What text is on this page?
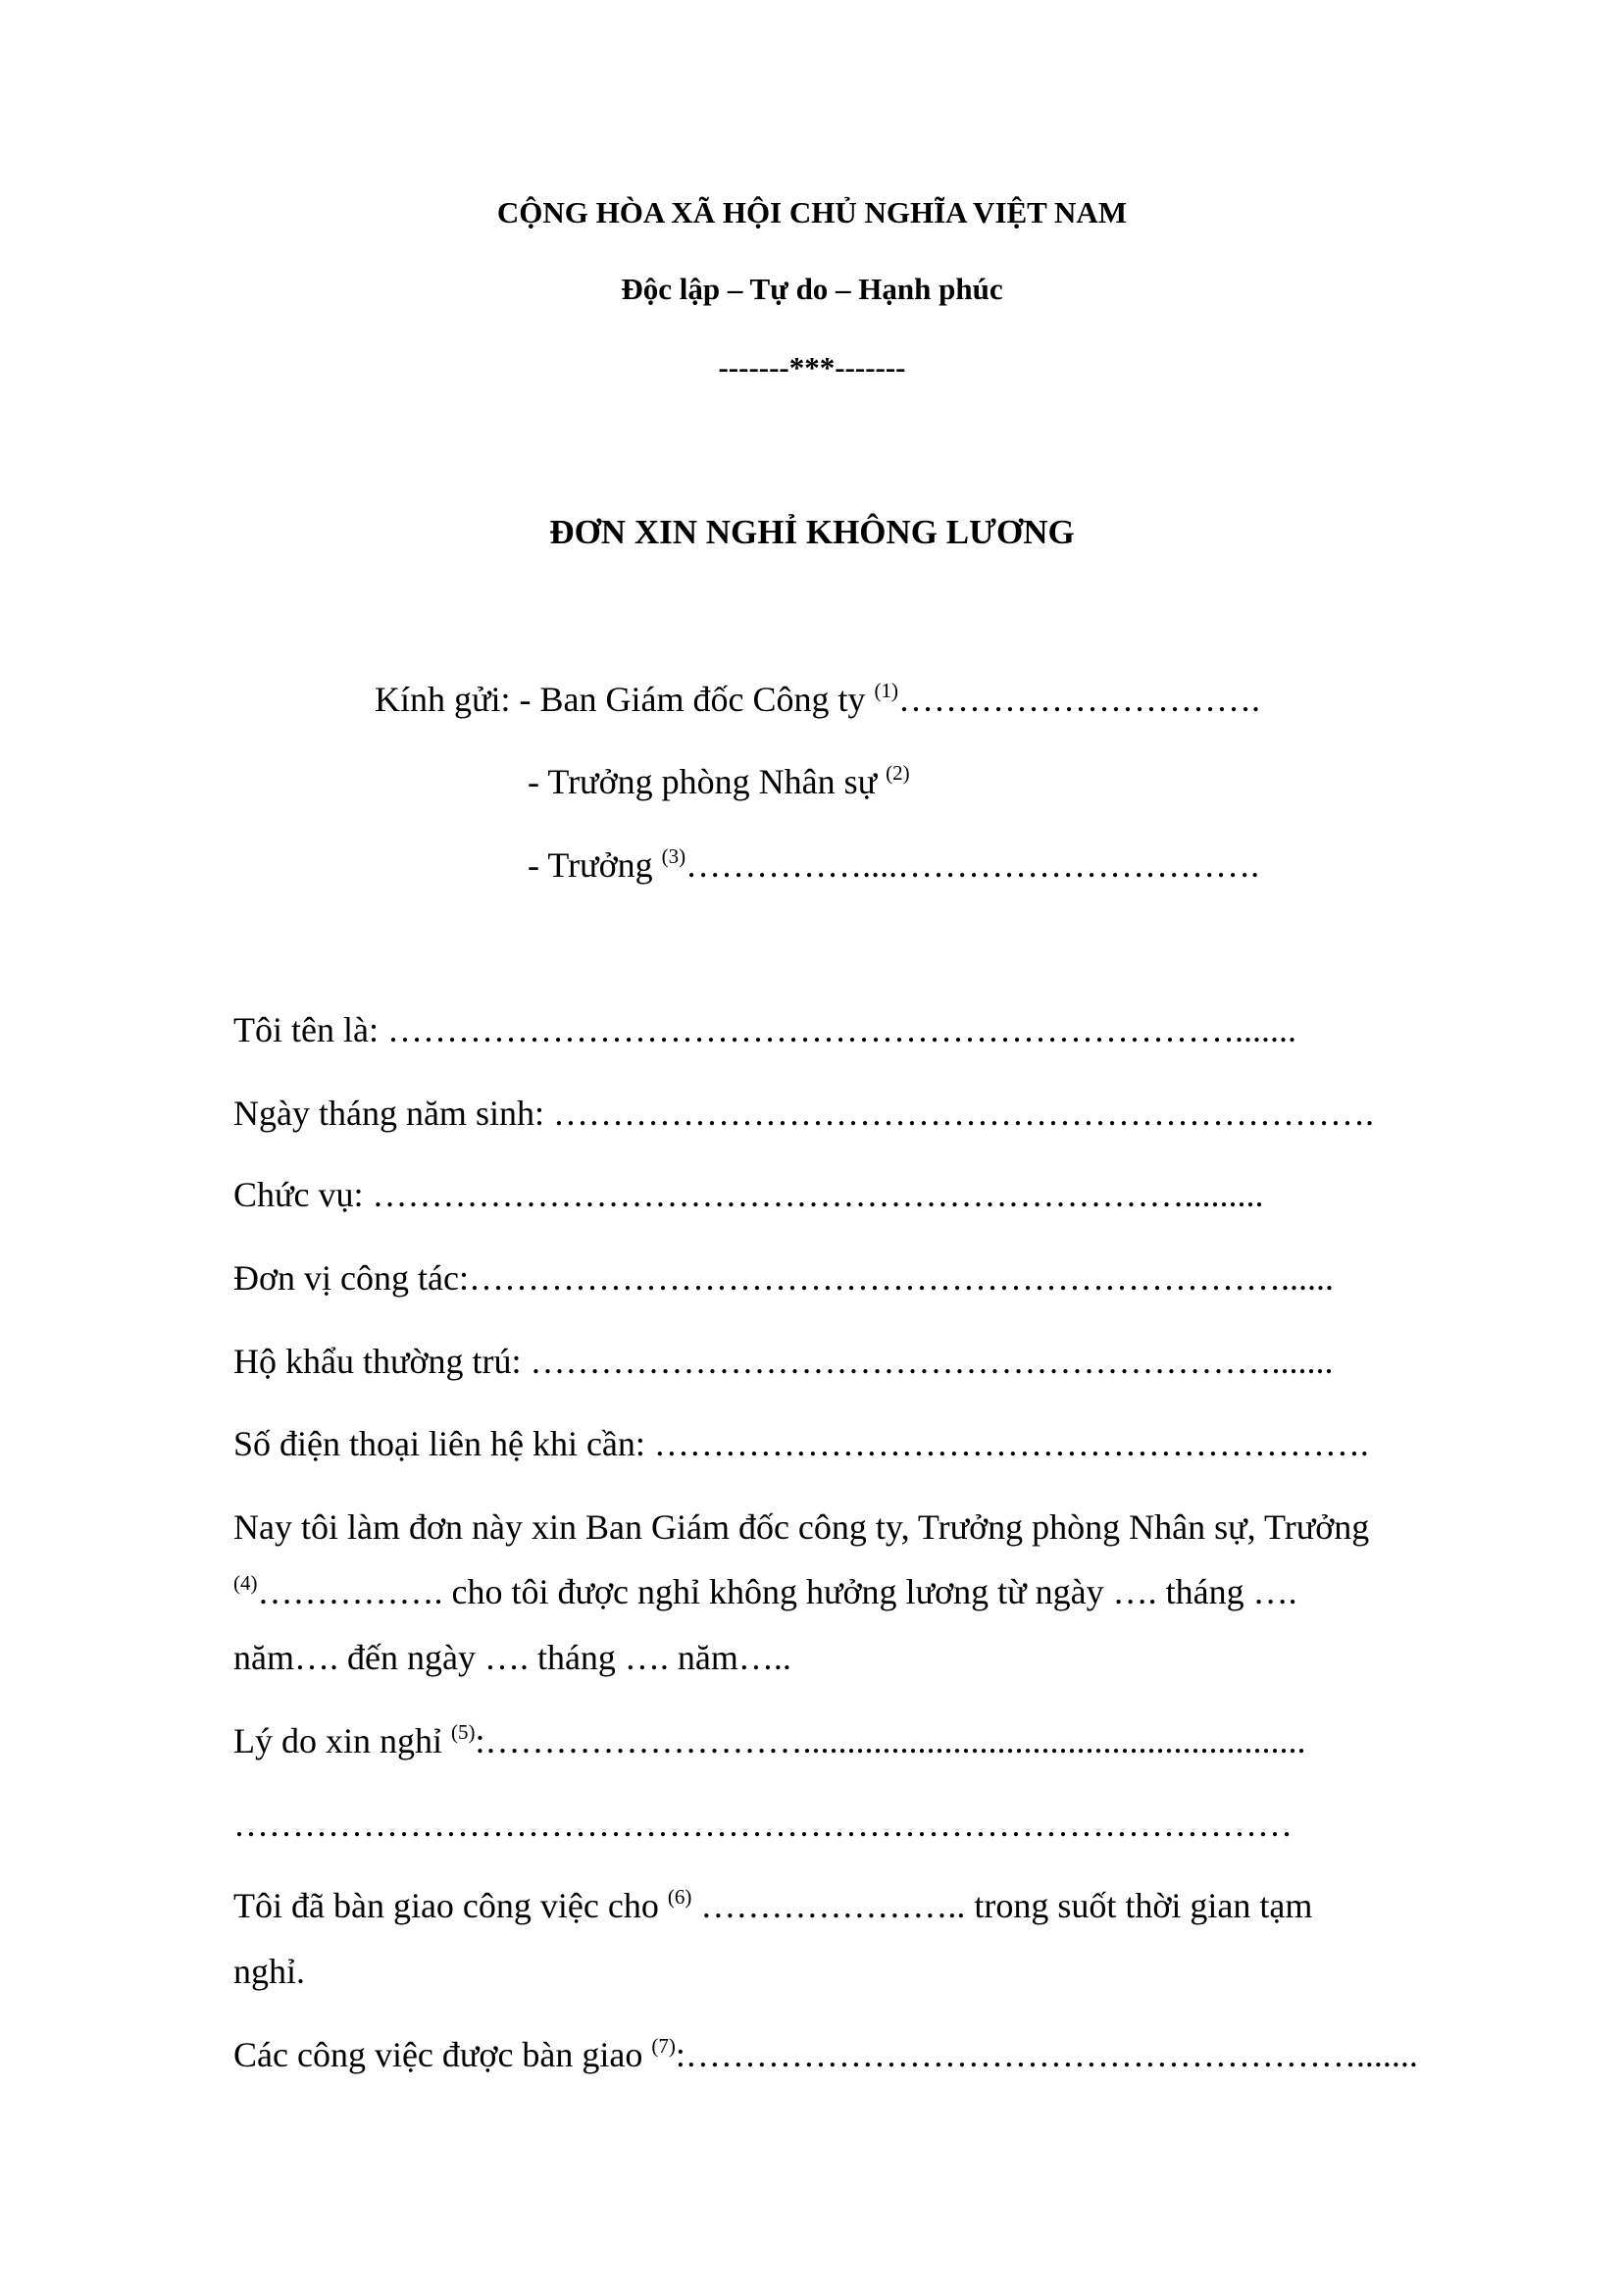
CỘNG HÒA XÃ HỘI CHỦ NGHĨA VIỆT NAM
Độc lập – Tự do – Hạnh phúc
-------***-------
ĐƠN XIN NGHỈ KHÔNG LƯƠNG
Kính gửi: - Ban Giám đốc Công ty $^{(1)}$………………………….
- Trưởng phòng Nhân sự $^{(2)}$
- Trưởng $^{(3)}$……………....………………………….
Tôi tên là: ……………………………………………………………….......
Ngày tháng năm sinh: …………………………………………………………….
Chức vụ: …………………………………………………………….........
Đơn vị công tác:……………………………………………………………......
Hộ khẩu thường trú: ……………………………………………………….......
Số điện thoại liên hệ khi cần: …………………………………………………….
Nay tôi làm đơn này xin Ban Giám đốc công ty, Trưởng phòng Nhân sự, Trưởng
$^{(4)}$……………. cho tôi được nghỉ không hưởng lương từ ngày …. tháng ….
năm…. đến ngày …. tháng …. năm…..
Lý do xin nghỉ $^{(5)}$:……………………….........................................................
………………………………………………………………………………
Tôi đã bàn giao công việc cho $^{(6)}$ ………………….. trong suốt thời gian tạm
nghỉ.
Các công việc được bàn giao $^{(7)}$:………………………………………………….......
